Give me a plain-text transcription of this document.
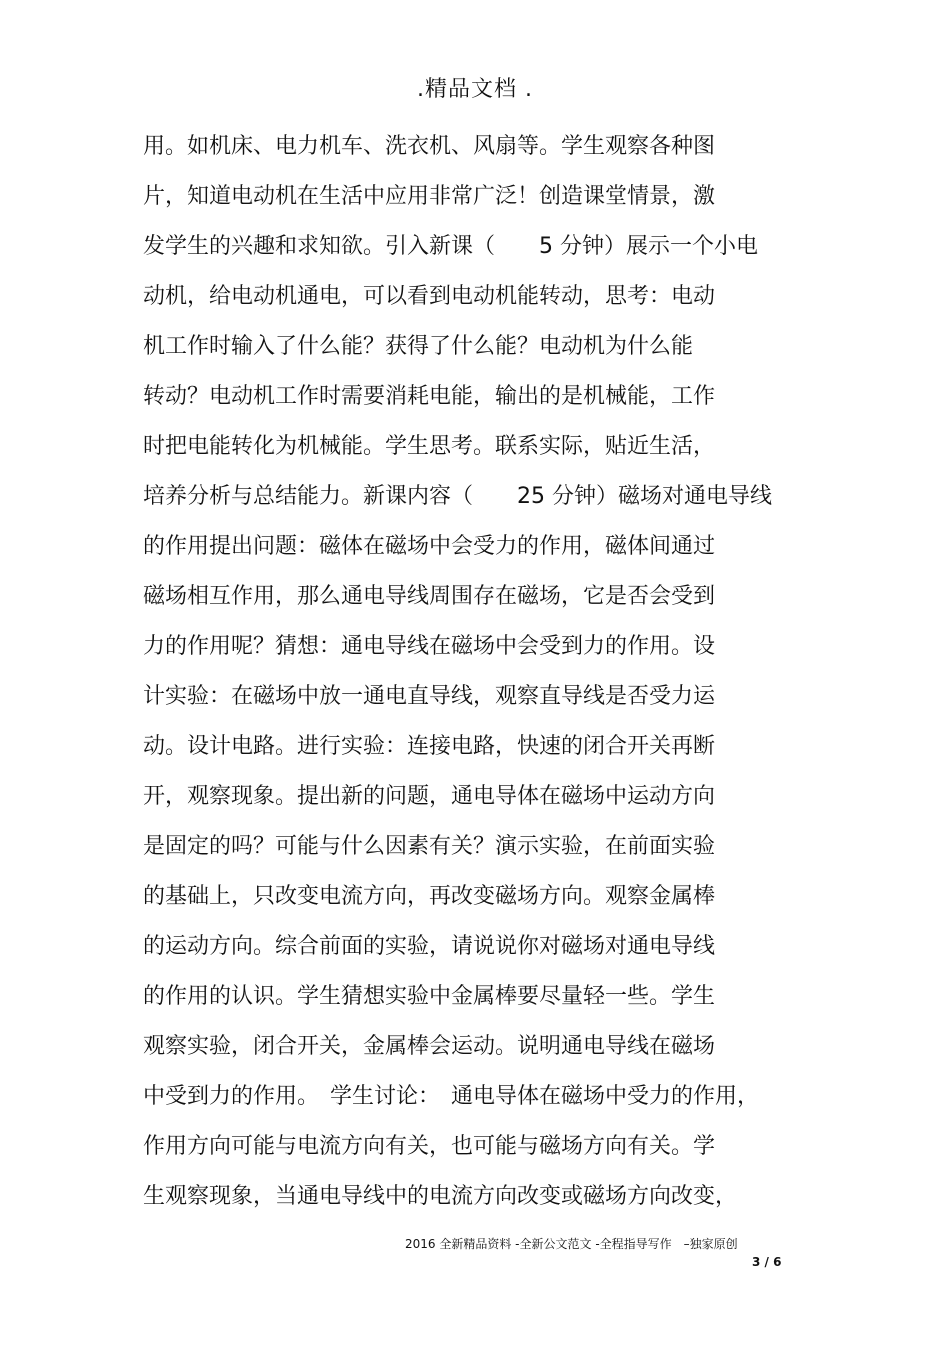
.精品文档 .
用。如机床、电力机车、洗衣机、风扇等。学生观察各种图
片，知道电动机在生活中应用非常广泛！创造课堂情景，激
发学生的兴趣和求知欲。引入新课（　　5 分钟）展示一个小电
动机，给电动机通电，可以看到电动机能转动，思考：电动
机工作时输入了什么能？获得了什么能？电动机为什么能
转动？电动机工作时需要消耗电能，输出的是机械能，工作
时把电能转化为机械能。学生思考。联系实际，贴近生活，
培养分析与总结能力。新课内容（　　25 分钟）磁场对通电导线
的作用提出问题：磁体在磁场中会受力的作用，磁体间通过
磁场相互作用，那么通电导线周围存在磁场，它是否会受到
力的作用呢？猜想：通电导线在磁场中会受到力的作用。设
计实验：在磁场中放一通电直导线，观察直导线是否受力运
动。设计电路。进行实验：连接电路，快速的闭合开关再断
开，观察现象。提出新的问题，通电导体在磁场中运动方向
是固定的吗？可能与什么因素有关？演示实验，在前面实验
的基础上，只改变电流方向，再改变磁场方向。观察金属棒
的运动方向。综合前面的实验，请说说你对磁场对通电导线
的作用的认识。学生猜想实验中金属棒要尽量轻一些。学生
观察实验，闭合开关，金属棒会运动。说明通电导线在磁场
中受到力的作用。　学生讨论：　通电导体在磁场中受力的作用，
作用方向可能与电流方向有关，也可能与磁场方向有关。学
生观察现象，当通电导线中的电流方向改变或磁场方向改变，
2016 全新精品资料 -全新公文范文 -全程指导写作　–独家原创
3 / 6
